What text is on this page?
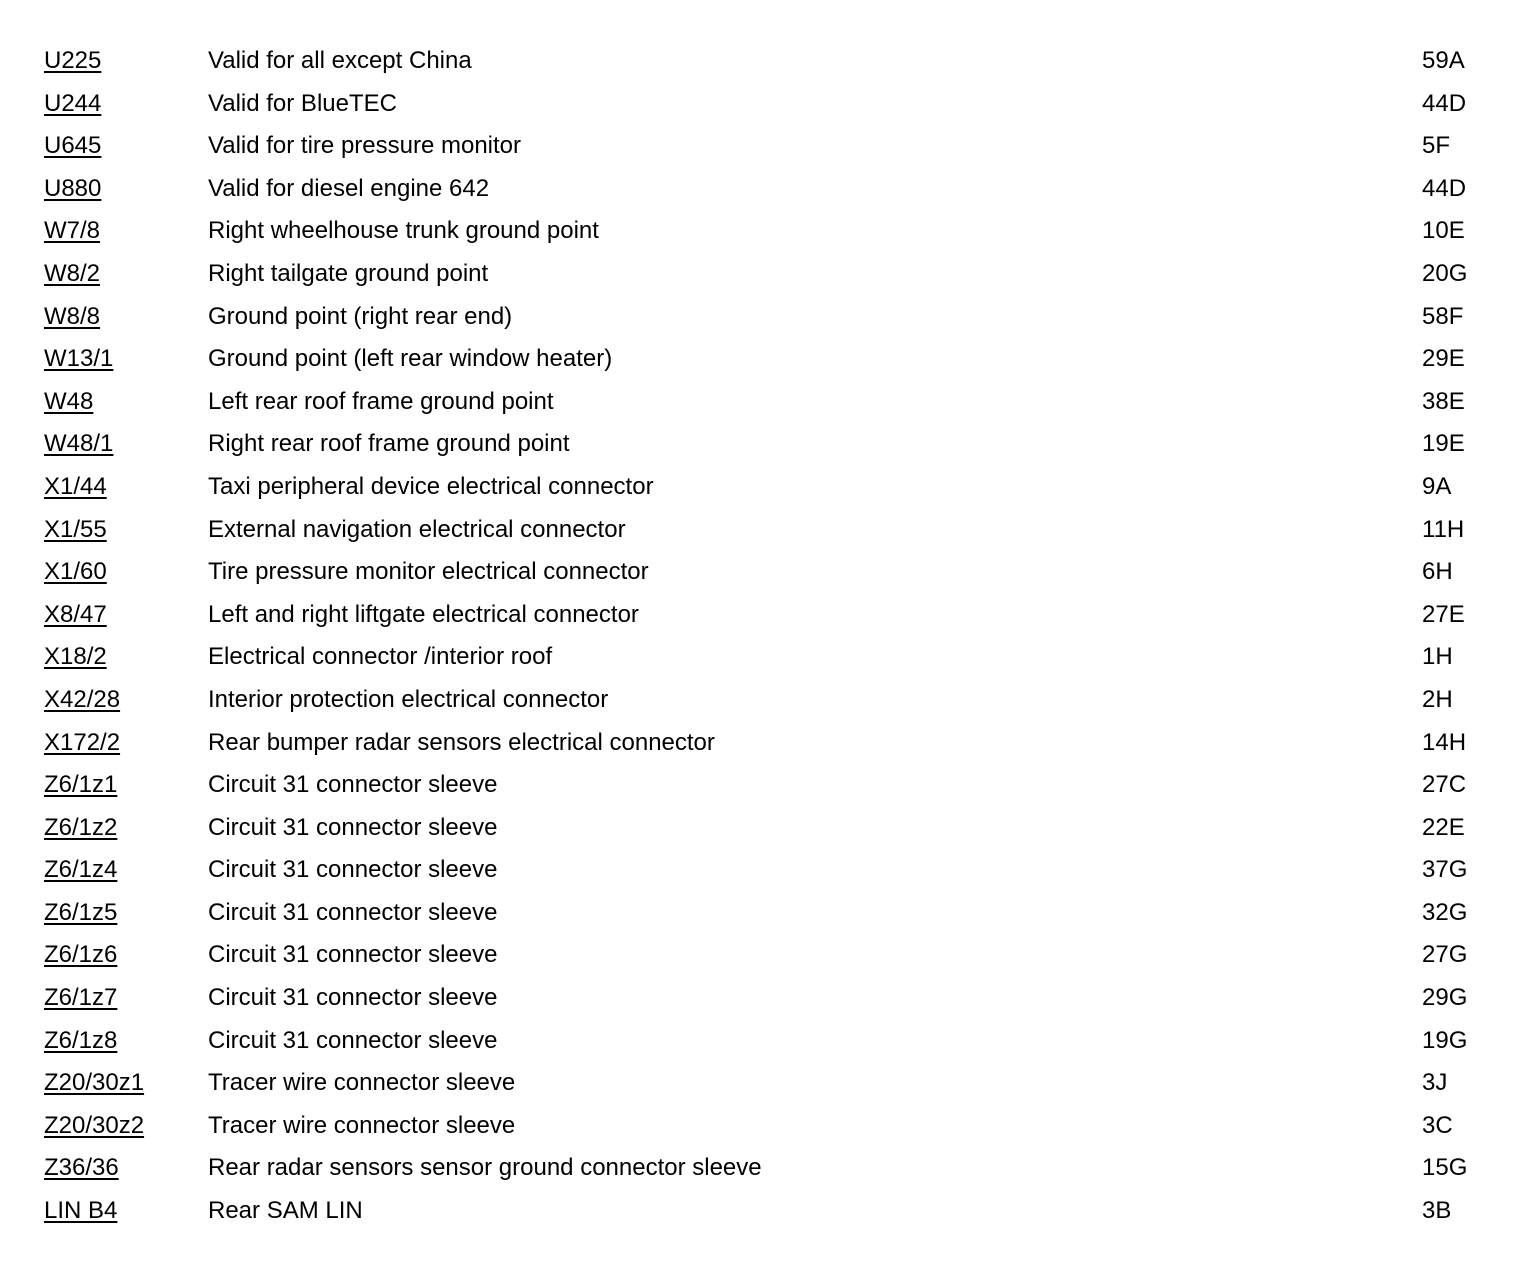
U225	Valid for all except China	59A
U244	Valid for BlueTEC	44D
U645	Valid for tire pressure monitor	5F
U880	Valid for diesel engine 642	44D
W7/8	Right wheelhouse trunk ground point	10E
W8/2	Right tailgate ground point	20G
W8/8	Ground point (right rear end)	58F
W13/1	Ground point (left rear window heater)	29E
W48	Left rear roof frame ground point	38E
W48/1	Right rear roof frame ground point	19E
X1/44	Taxi peripheral device electrical connector	9A
X1/55	External navigation electrical connector	11H
X1/60	Tire pressure monitor electrical connector	6H
X8/47	Left and right liftgate electrical connector	27E
X18/2	Electrical connector /interior roof	1H
X42/28	Interior protection electrical connector	2H
X172/2	Rear bumper radar sensors electrical connector	14H
Z6/1z1	Circuit 31 connector sleeve	27C
Z6/1z2	Circuit 31 connector sleeve	22E
Z6/1z4	Circuit 31 connector sleeve	37G
Z6/1z5	Circuit 31 connector sleeve	32G
Z6/1z6	Circuit 31 connector sleeve	27G
Z6/1z7	Circuit 31 connector sleeve	29G
Z6/1z8	Circuit 31 connector sleeve	19G
Z20/30z1	Tracer wire connector sleeve	3J
Z20/30z2	Tracer wire connector sleeve	3C
Z36/36	Rear radar sensors sensor ground connector sleeve	15G
LIN B4	Rear SAM LIN	3B
